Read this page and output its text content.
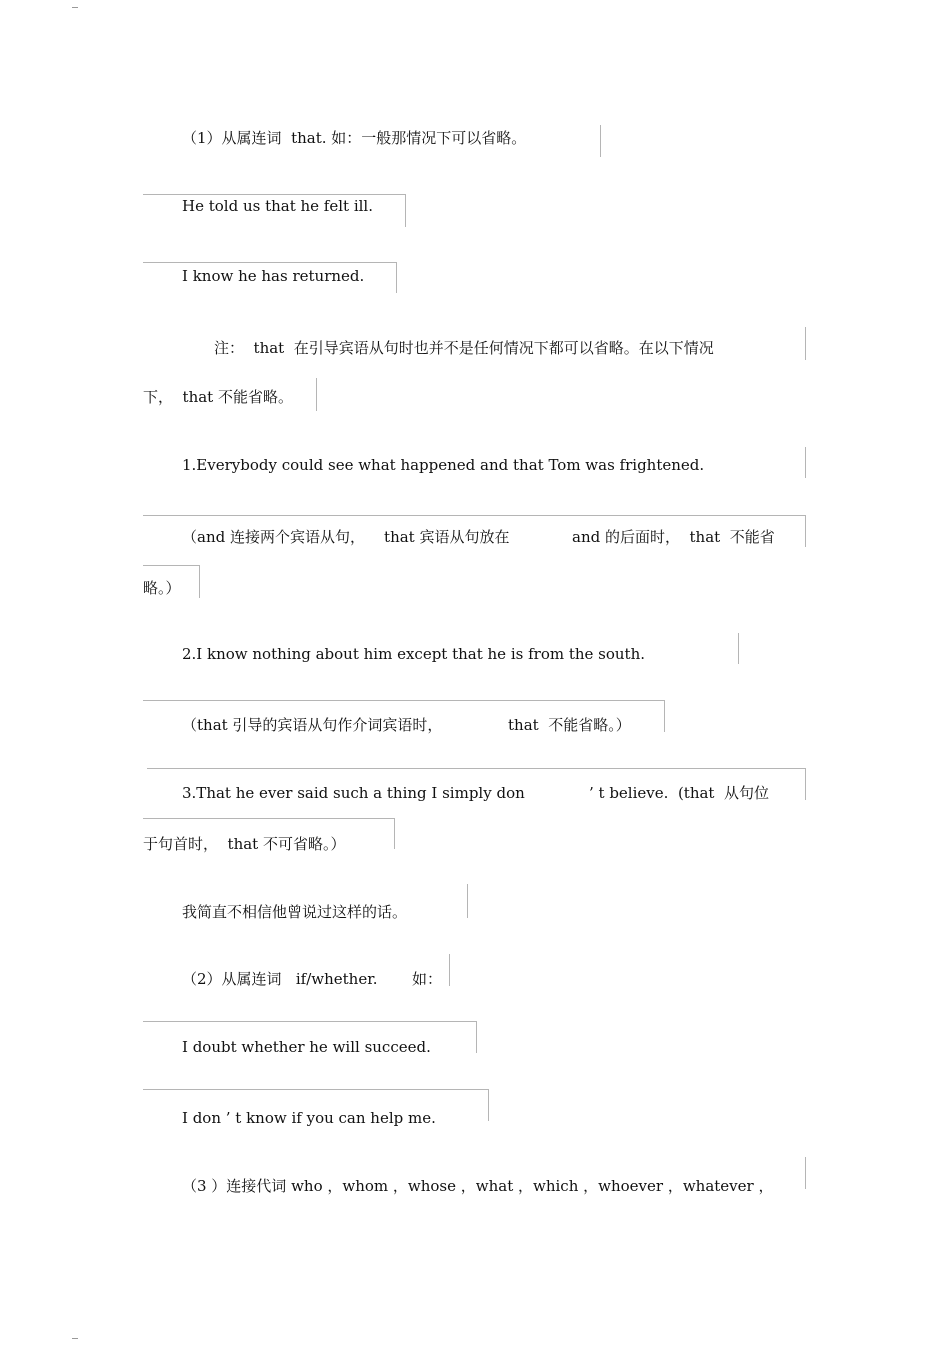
（1）从属连词  that. 如：一般那情况下可以省略。
He told us that he felt ill.
I know he has returned.
注：  that  在引导宾语从句时也并不是任何情况下都可以省略。在以下情况
下，  that 不能省略。
1.Everybody could see what happened and that Tom was frightened.
（and 连接两个宾语从句，    that 宾语从句放在	and 的后面时，  that  不能省
略。）
2.I know nothing about him except that he is from the south.
（that 引导的宾语从句作介词宾语时，	that  不能省略。）
3.That he ever said such a thing I simply don	’ t believe.  (that  从句位
于句首时，  that 不可省略。）
我简直不相信他曾说过这样的话。
（2）从属连词   if/whether. 如：
I doubt whether he will succeed.
I don ’ t know if you can help me.
（3 ）连接代词 who ，whom ，whose ，what ，which ，whoever ，whatever ，
